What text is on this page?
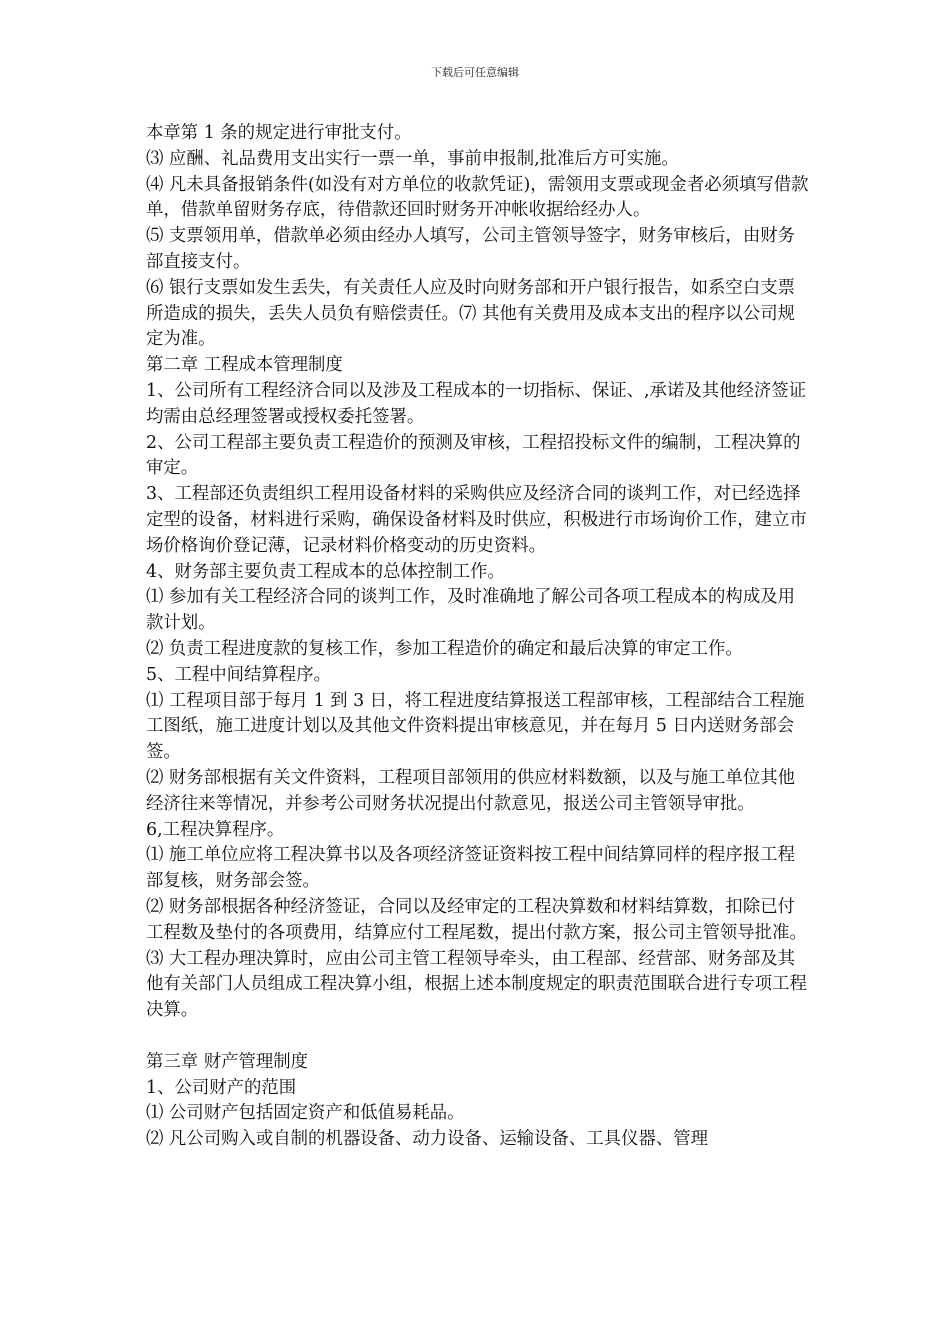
下载后可任意编辑

本章第 1 条的规定进行审批支付。

⑶ 应酬、礼品费用支出实行一票一单，事前申报制,批准后方可实施。

⑷ 凡未具备报销条件(如没有对方单位的收款凭证)，需领用支票或现金者必须填写借款单，借款单留财务存底，待借款还回时财务开冲帐收据给经办人。

⑸ 支票领用单，借款单必须由经办人填写，公司主管领导签字，财务审核后，由财务部直接支付。

⑹ 银行支票如发生丢失，有关责任人应及时向财务部和开户银行报告，如系空白支票所造成的损失，丢失人员负有赔偿责任。⑺ 其他有关费用及成本支出的程序以公司规定为准。

第二章 工程成本管理制度

1、公司所有工程经济合同以及涉及工程成本的一切指标、保证、,承诺及其他经济签证均需由总经理签署或授权委托签署。

2、公司工程部主要负责工程造价的预测及审核，工程招投标文件的编制，工程决算的审定。

3、工程部还负责组织工程用设备材料的采购供应及经济合同的谈判工作，对已经选择定型的设备，材料进行采购，确保设备材料及时供应，积极进行市场询价工作，建立市场价格询价登记薄，记录材料价格变动的历史资料。

4、财务部主要负责工程成本的总体控制工作。

⑴ 参加有关工程经济合同的谈判工作，及时准确地了解公司各项工程成本的构成及用款计划。

⑵ 负责工程进度款的复核工作，参加工程造价的确定和最后决算的审定工作。

5、工程中间结算程序。

⑴ 工程项目部于每月 1 到 3 日，将工程进度结算报送工程部审核，工程部结合工程施工图纸，施工进度计划以及其他文件资料提出审核意见，并在每月 5 日内送财务部会签。

⑵ 财务部根据有关文件资料，工程项目部领用的供应材料数额，以及与施工单位其他经济往来等情况，并参考公司财务状况提出付款意见，报送公司主管领导审批。

6,工程决算程序。

⑴ 施工单位应将工程决算书以及各项经济签证资料按工程中间结算同样的程序报工程部复核，财务部会签。

⑵ 财务部根据各种经济签证，合同以及经审定的工程决算数和材料结算数，扣除已付工程数及垫付的各项费用，结算应付工程尾数，提出付款方案，报公司主管领导批准。

⑶ 大工程办理决算时，应由公司主管工程领导牵头，由工程部、经营部、财务部及其他有关部门人员组成工程决算小组，根据上述本制度规定的职责范围联合进行专项工程决算。

第三章 财产管理制度

1、公司财产的范围

⑴ 公司财产包括固定资产和低值易耗品。

⑵ 凡公司购入或自制的机器设备、动力设备、运输设备、工具仪器、管理
